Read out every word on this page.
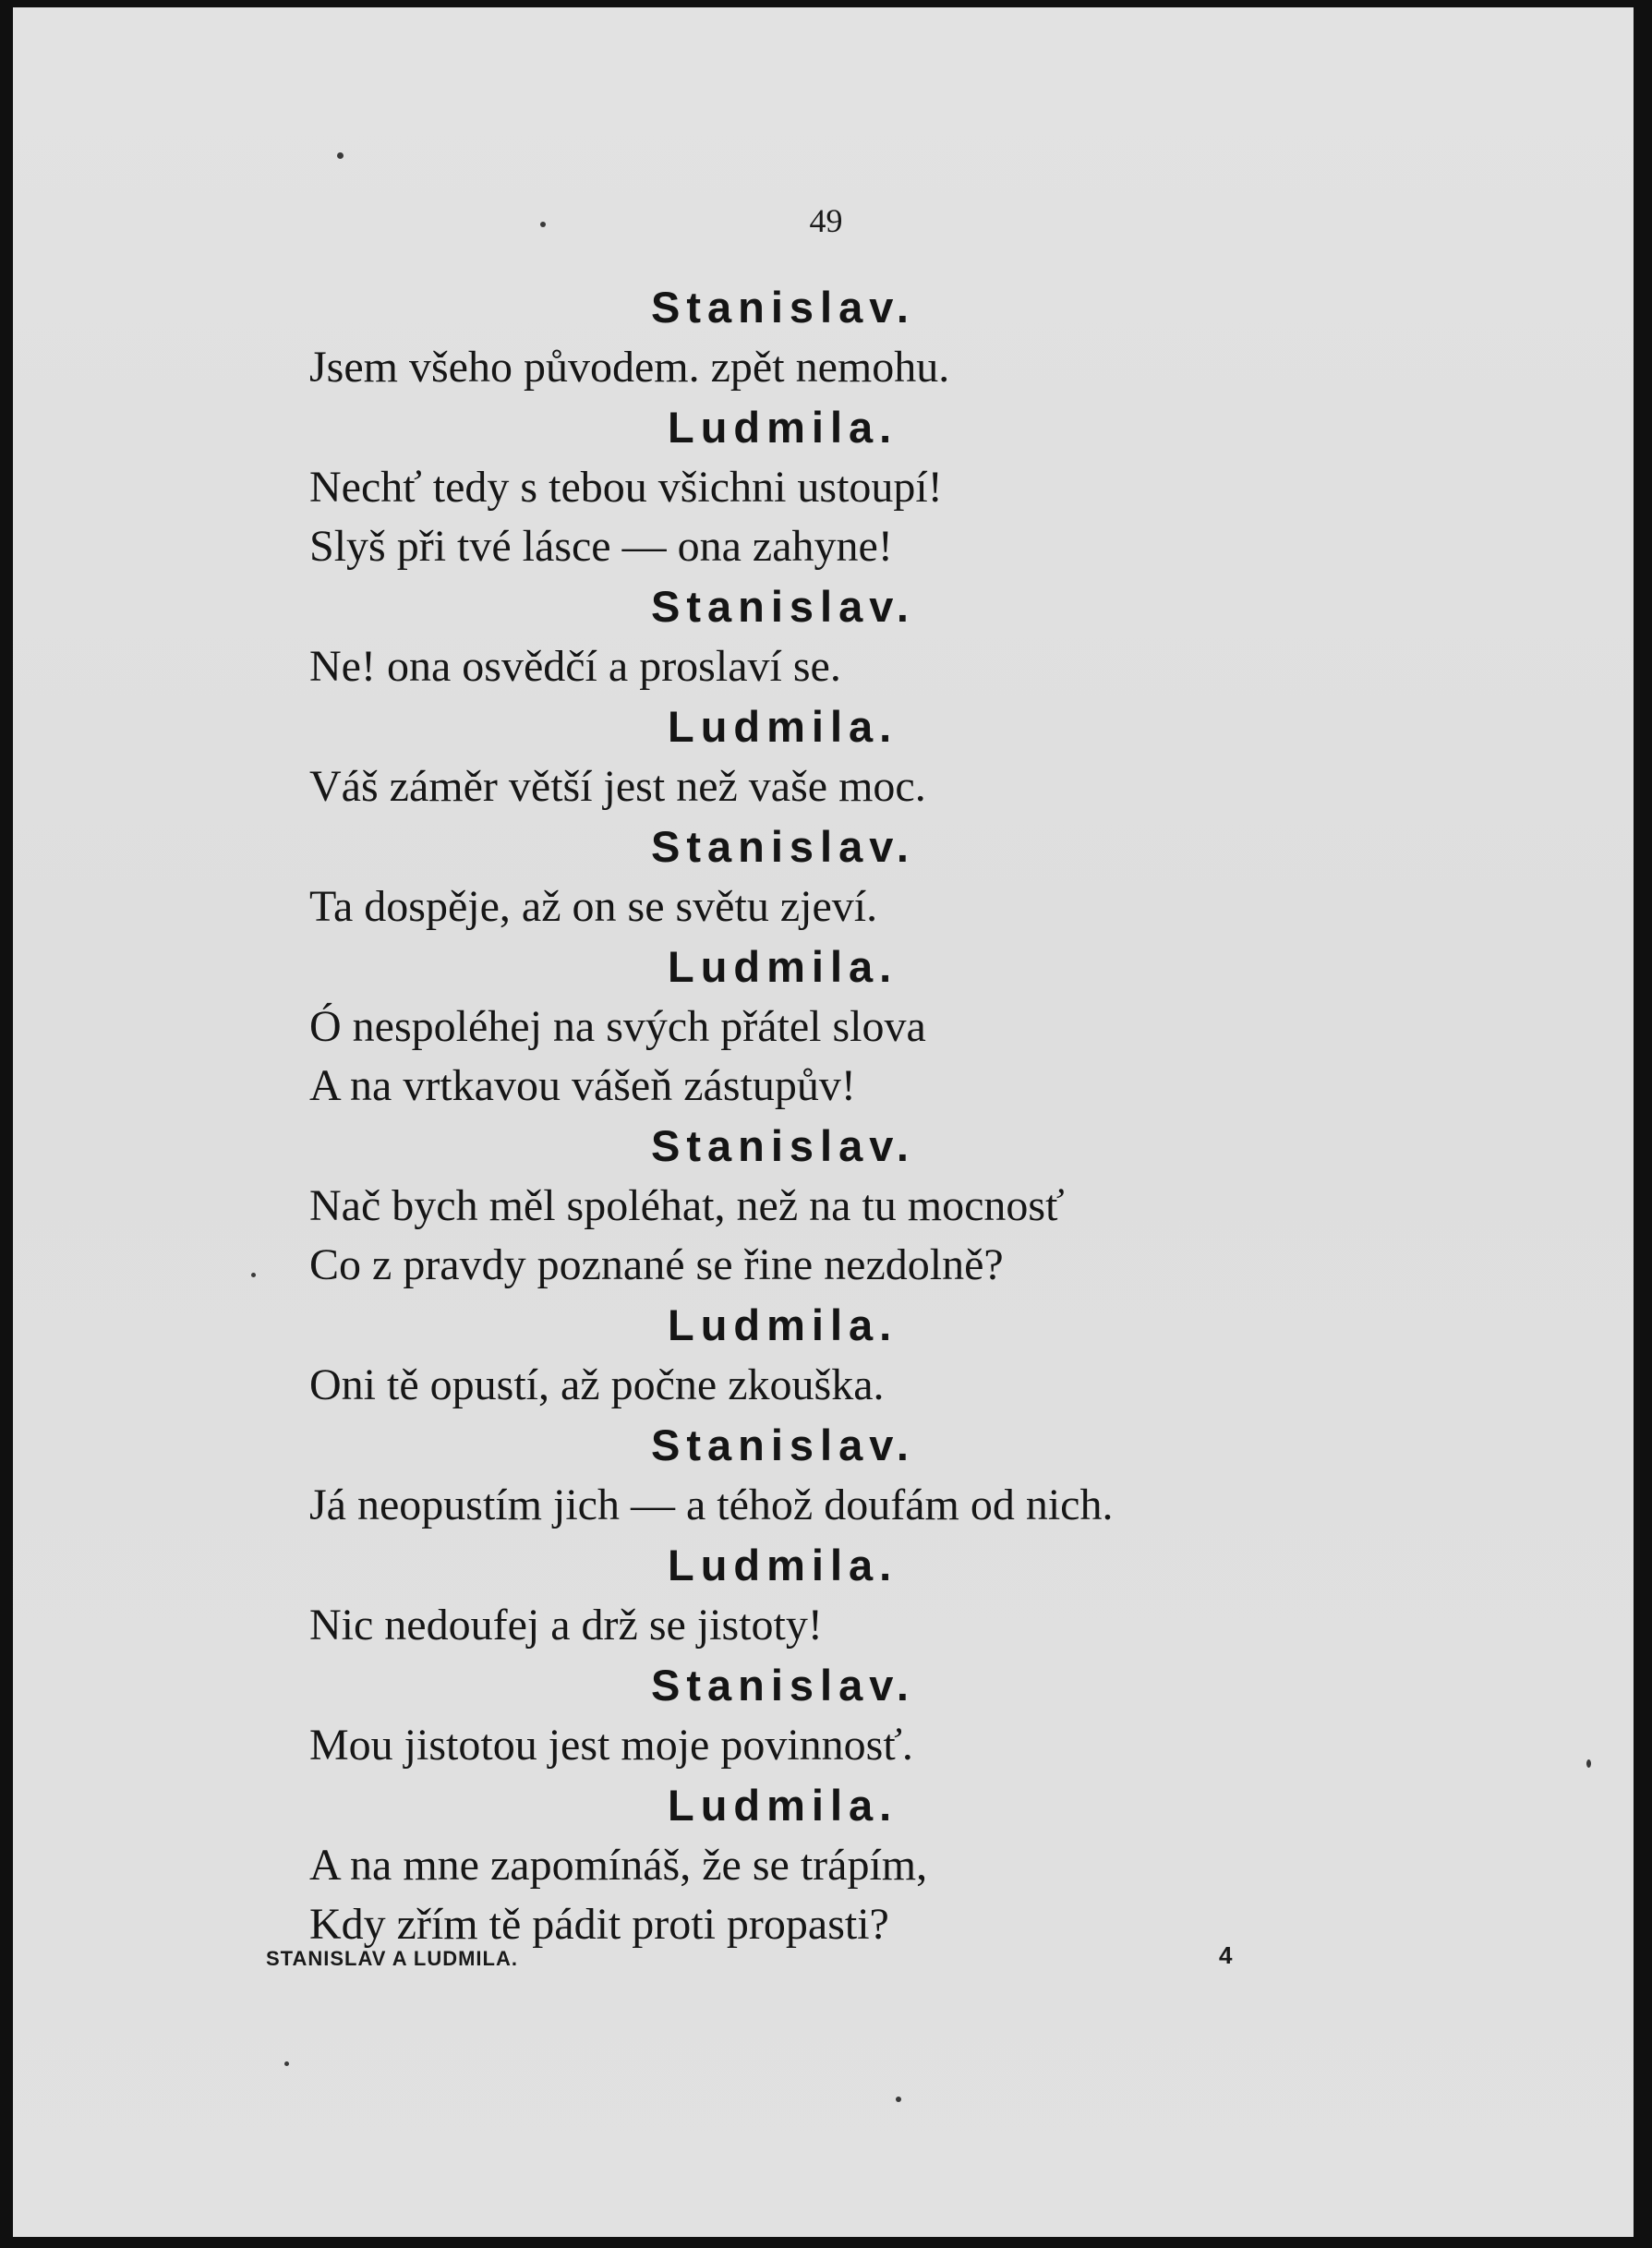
49
Stanislav.
Jsem všeho původem. zpět nemohu.
Ludmila.
Nechť tedy s tebou všichni ustoupí!
Slyš při tvé lásce — ona zahyne!
Stanislav.
Ne! ona osvědčí a proslaví se.
Ludmila.
Váš záměr větší jest než vaše moc.
Stanislav.
Ta dospěje, až on se světu zjeví.
Ludmila.
Ó nespoléhej na svých přátel slova
A na vrtkavou vášeň zástupův!
Stanislav.
Nač bych měl spoléhat, než na tu mocnosť
Co z pravdy poznané se řine nezdolně?
Ludmila.
Oni tě opustí, až počne zkouška.
Stanislav.
Já neopustím jich — a téhož doufám od nich.
Ludmila.
Nic nedoufej a drž se jistoty!
Stanislav.
Mou jistotou jest moje povinnosť.
Ludmila.
A na mne zapomínáš, že se trápím,
Kdy zřím tě pádit proti propasti?
STANISLAV A LUDMILA.	4
